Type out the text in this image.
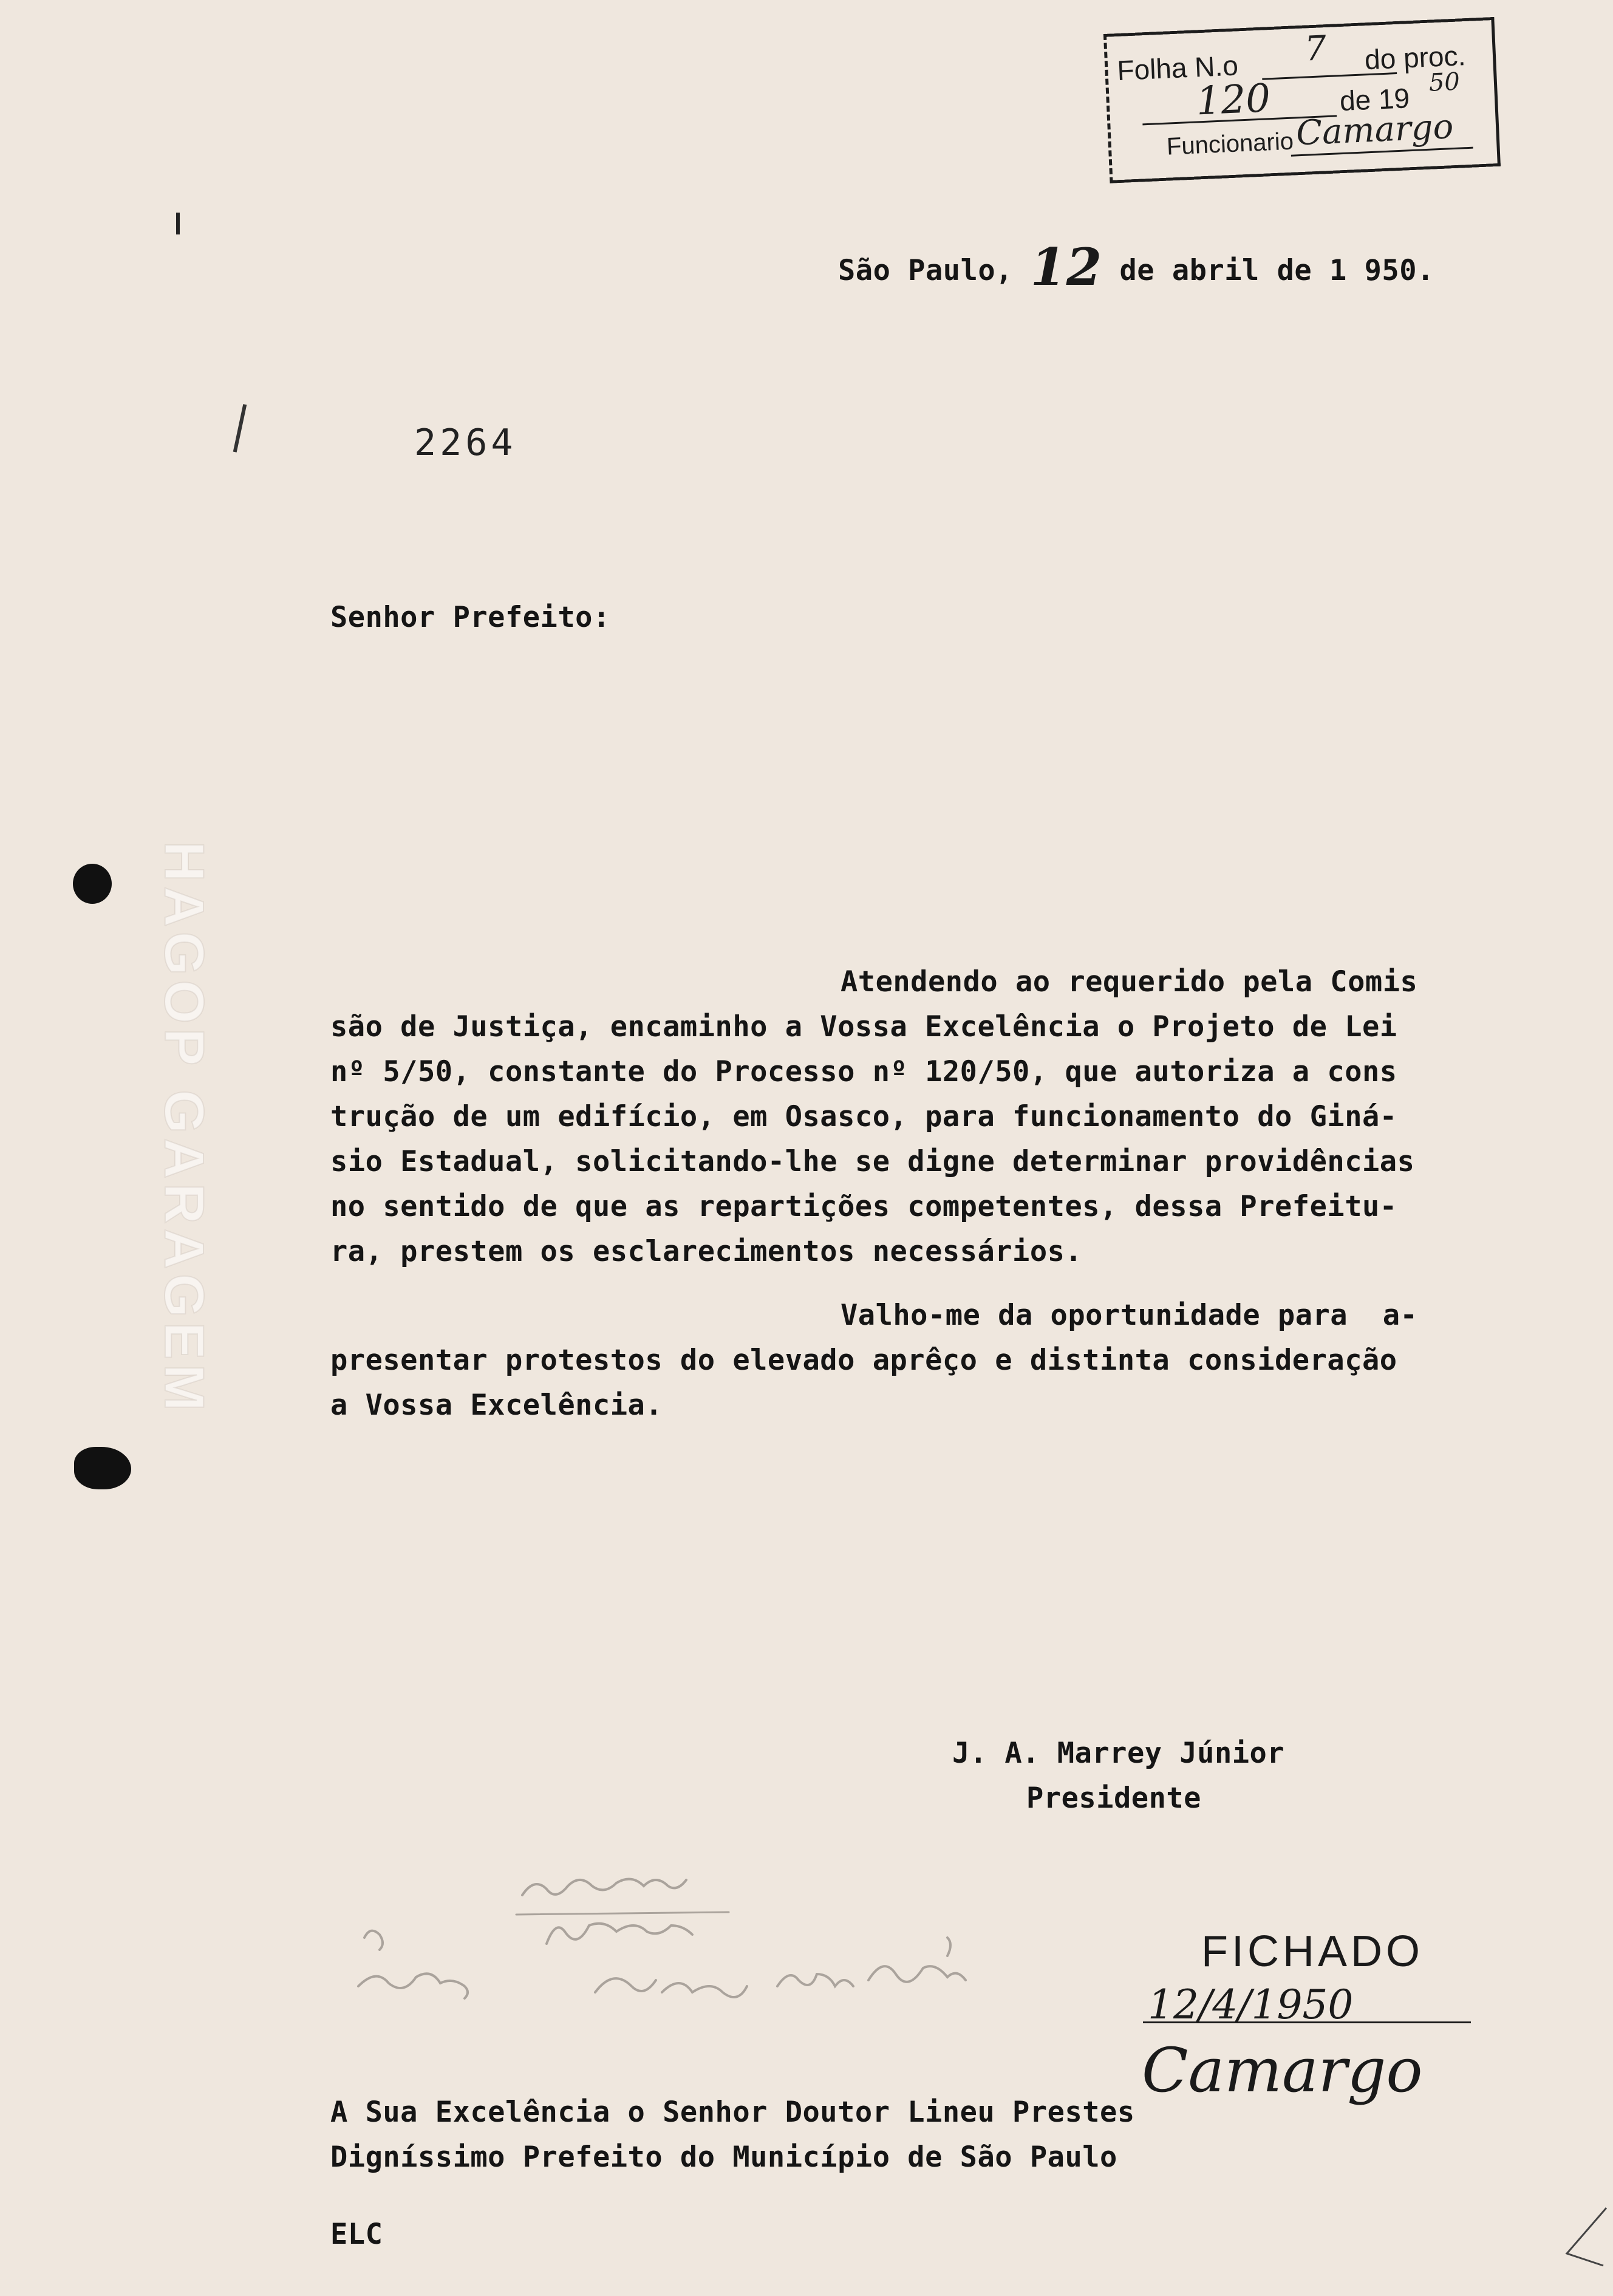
Folha N.o 7 do proc.
120 de 19 50
Funcionario Camargo
São Paulo, 12 de abril de 1 950.
2264
Senhor Prefeito:
Atendendo ao requerido pela Comis
são de Justiça, encaminho a Vossa Excelência o Projeto de Lei
nº 5/50, constante do Processo nº 120/50, que autoriza a cons
trução de um edifício, em Osasco, para funcionamento do Giná-
sio Estadual, solicitando-lhe se digne determinar providências
no sentido de que as repartições competentes, dessa Prefeitu-
ra, prestem os esclarecimentos necessários.
Valho-me da oportunidade para  a-
presentar protestos do elevado aprêço e distinta consideração
a Vossa Excelência.
HAGOP GARAGEM
J. A. Marrey Júnior
Presidente
FICHADO
12/4/1950
Camargo
A Sua Excelência o Senhor Doutor Lineu Prestes
Digníssimo Prefeito do Município de São Paulo
ELC
